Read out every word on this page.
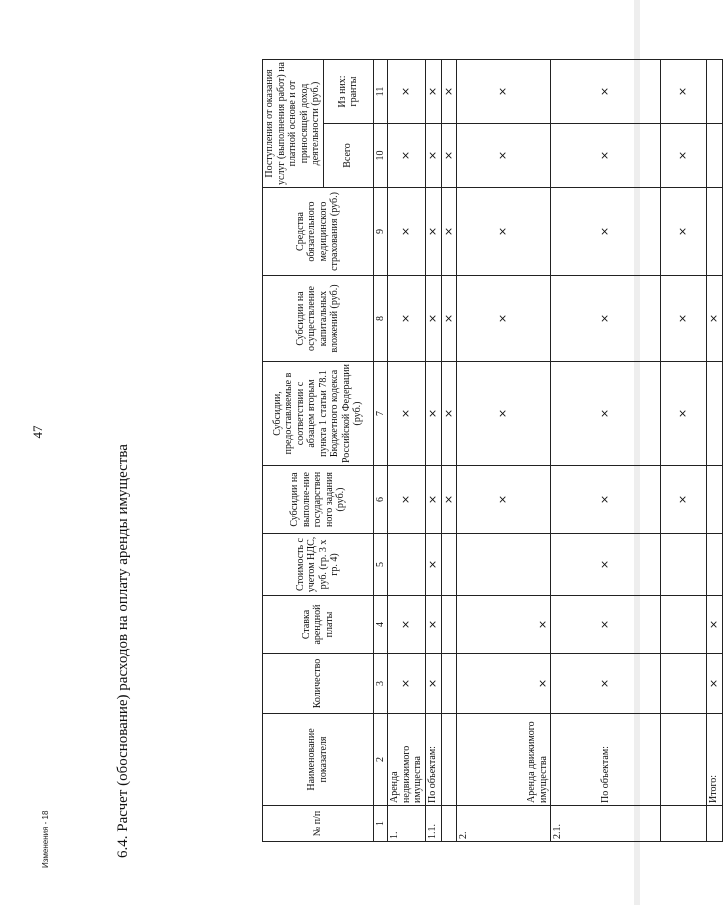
47
6.4. Расчет (обоснование) расходов на оплату аренды имущества
Изменения - 18	№ п/п	Наименование показателя	Количество	Ставка арендной платы	Стоимость с учетом НДС, руб. (гр. 3 x гр. 4)	Субсидии на выполне-ние государствен ного задания (руб.)	Субсидии, предоставляемые в соответствии с абзацем вторым пункта 1 статьи 78.1 Бюджетного кодекса Российской Федерации (руб.)	Субсидии на осуществление капитальных вложений (руб.)	Средства обязательного медицинского страхования (руб.)	Поступления от оказания услуг (выполнения работ) на платной основе и от приносящей доход деятельности (руб.)	
									Всего	Из них: гранты
1	2	3	4	5	6	7	8	9	10	11
1.	Аренда недвижимого имущества	×	×		×	×	×	×	×	×
1.1.	По объектам:	×	×	×	×	×	×	×	×	×
					×	×	×	×	×	×
2.	Аренда движимого имущества	×	×		×	×	×	×	×	×
2.1.	По объектам:	×	×	×	×	×	×	×	×	×
					×	×	×	×	×	×
	Итого:	×	×				×			
